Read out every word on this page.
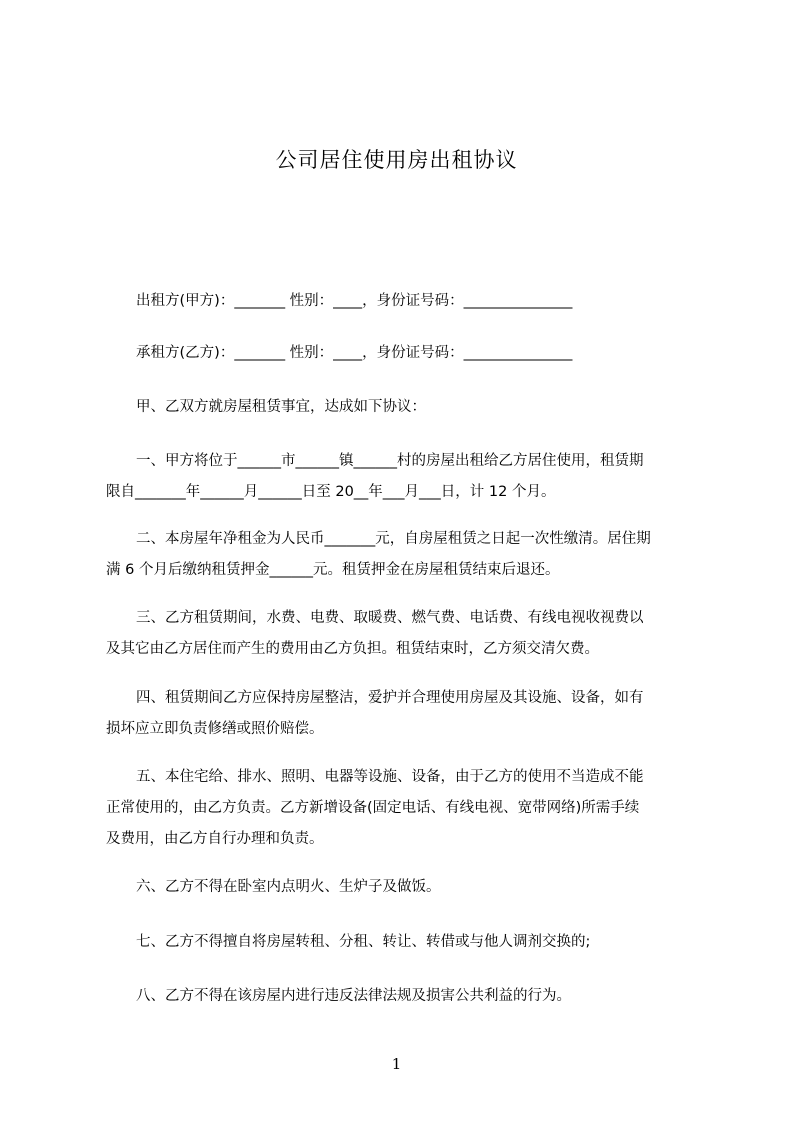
公司居住使用房出租协议

出租方(甲方)：_______ 性别：____，身份证号码：_______________

承租方(乙方)：_______ 性别：____，身份证号码：_______________

甲、乙双方就房屋租赁事宜，达成如下协议：

一、甲方将位于______市______镇______村的房屋出租给乙方居住使用，租赁期
限自_______年______月______日至 20__年___月___日，计 12 个月。

二、本房屋年净租金为人民币_______元，自房屋租赁之日起一次性缴清。居住期
满 6 个月后缴纳租赁押金______元。租赁押金在房屋租赁结束后退还。

三、乙方租赁期间，水费、电费、取暖费、燃气费、电话费、有线电视收视费以
及其它由乙方居住而产生的费用由乙方负担。租赁结束时，乙方须交清欠费。

四、租赁期间乙方应保持房屋整洁，爱护并合理使用房屋及其设施、设备，如有
损坏应立即负责修缮或照价赔偿。

五、本住宅给、排水、照明、电器等设施、设备，由于乙方的使用不当造成不能
正常使用的，由乙方负责。乙方新增设备(固定电话、有线电视、宽带网络)所需手续
及费用，由乙方自行办理和负责。

六、乙方不得在卧室内点明火、生炉子及做饭。

七、乙方不得擅自将房屋转租、分租、转让、转借或与他人调剂交换的;

八、乙方不得在该房屋内进行违反法律法规及损害公共利益的行为。

1
